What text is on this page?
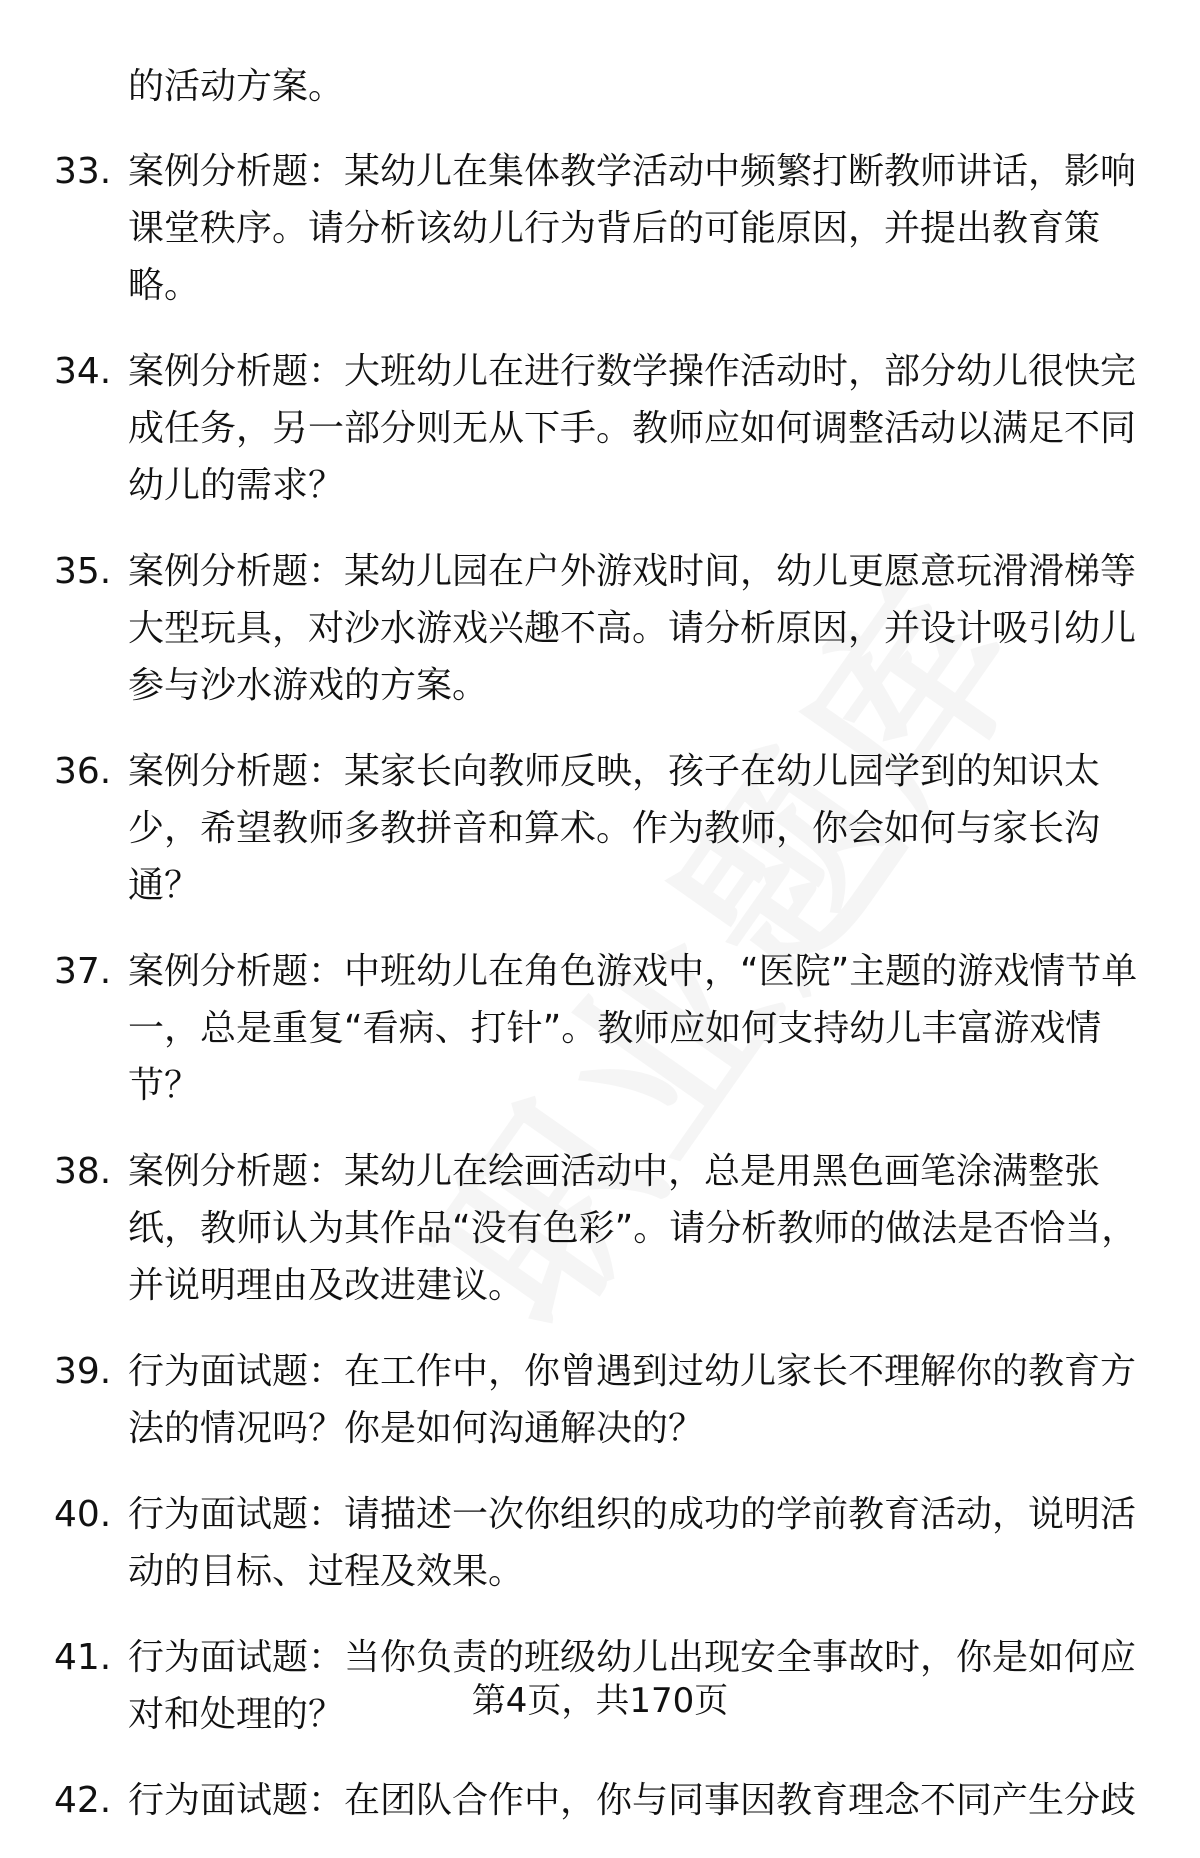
的活动方案。
33. 案例分析题：某幼儿在集体教学活动中频繁打断教师讲话，影响课堂秩序。请分析该幼儿行为背后的可能原因，并提出教育策略。
34. 案例分析题：大班幼儿在进行数学操作活动时，部分幼儿很快完成任务，另一部分则无从下手。教师应如何调整活动以满足不同幼儿的需求？
35. 案例分析题：某幼儿园在户外游戏时间，幼儿更愿意玩滑滑梯等大型玩具，对沙水游戏兴趣不高。请分析原因，并设计吸引幼儿参与沙水游戏的方案。
36. 案例分析题：某家长向教师反映，孩子在幼儿园学到的知识太少，希望教师多教拼音和算术。作为教师，你会如何与家长沟通？
37. 案例分析题：中班幼儿在角色游戏中，“医院”主题的游戏情节单一，总是重复“看病、打针”。教师应如何支持幼儿丰富游戏情节？
38. 案例分析题：某幼儿在绘画活动中，总是用黑色画笔涂满整张纸，教师认为其作品“没有色彩”。请分析教师的做法是否恰当，并说明理由及改进建议。
39. 行为面试题：在工作中，你曾遇到过幼儿家长不理解你的教育方法的情况吗？你是如何沟通解决的？
40. 行为面试题：请描述一次你组织的成功的学前教育活动，说明活动的目标、过程及效果。
41. 行为面试题：当你负责的班级幼儿出现安全事故时，你是如何应对和处理的？
42. 行为面试题：在团队合作中，你与同事因教育理念不同产生分歧
第4页，共170页
